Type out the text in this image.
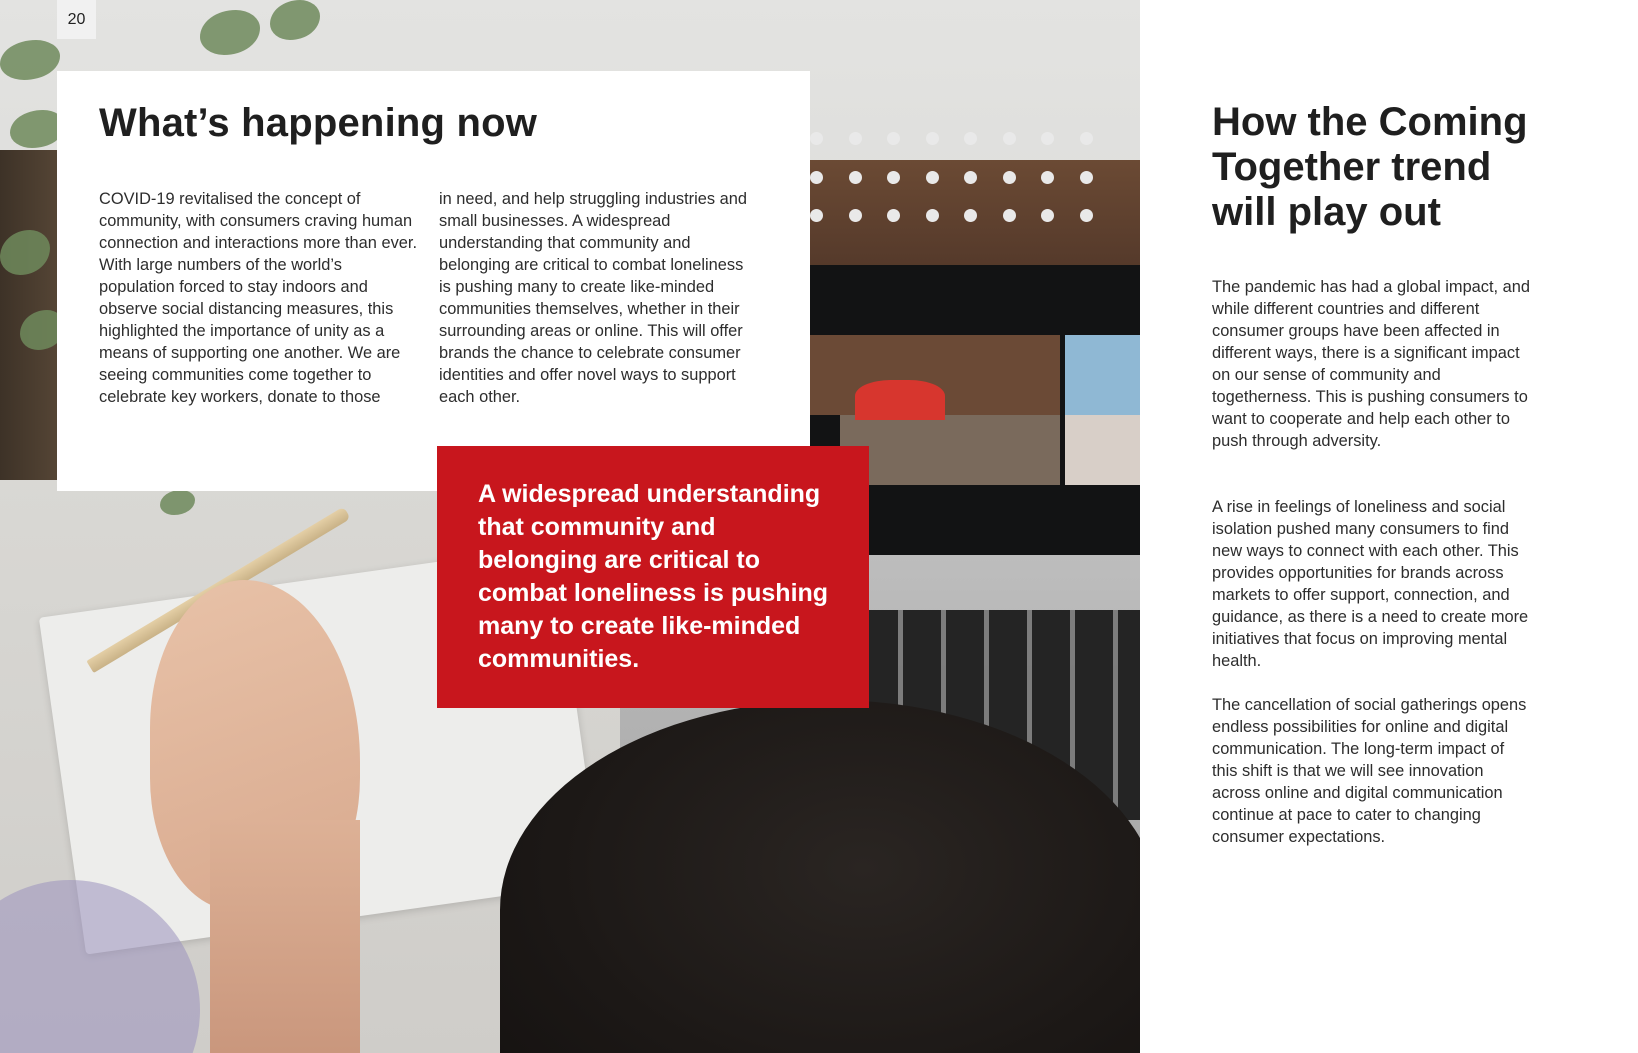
20
What’s happening now
COVID-19 revitalised the concept of community, with consumers craving human connection and interactions more than ever. With large numbers of the world’s population forced to stay indoors and observe social distancing measures, this highlighted the importance of unity as a means of supporting one another. We are seeing communities come together to celebrate key workers, donate to those
in need, and help struggling industries and small businesses. A widespread understanding that community and belonging are critical to combat loneliness is pushing many to create like-minded communities themselves, whether in their surrounding areas or online. This will offer brands the chance to celebrate consumer identities and offer novel ways to support each other.

A widespread understanding that community and belonging are critical to combat loneliness is pushing many to create like-minded communities.

How the Coming Together trend will play out

The pandemic has had a global impact, and while different countries and different consumer groups have been affected in different ways, there is a significant impact on our sense of community and togetherness. This is pushing consumers to want to cooperate and help each other to push through adversity.

A rise in feelings of loneliness and social isolation pushed many consumers to find new ways to connect with each other. This provides opportunities for brands across markets to offer support, connection, and guidance, as there is a need to create more initiatives that focus on improving mental health.

The cancellation of social gatherings opens endless possibilities for online and digital communication. The long-term impact of this shift is that we will see innovation across online and digital communication continue at pace to cater to changing consumer expectations.
